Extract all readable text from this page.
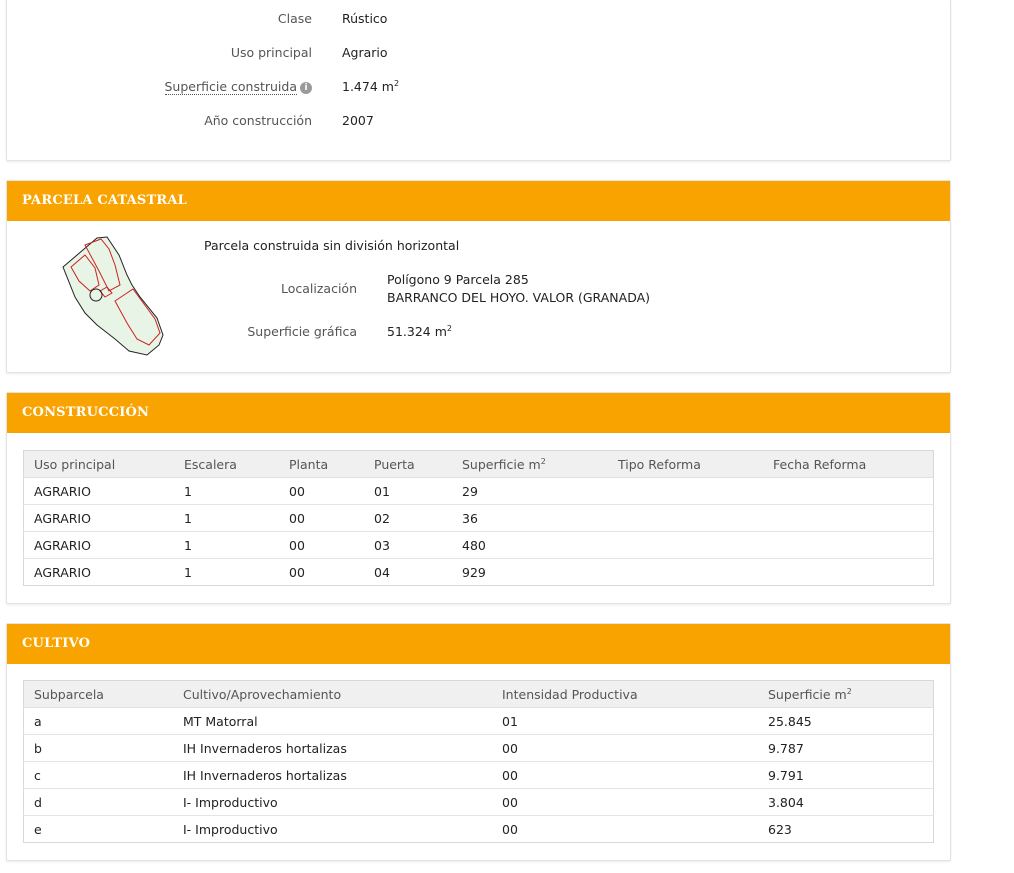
Clase Rústico
Uso principal Agrario
Superficie construida i	1.474 $m^2$
Año construcción 2007
PARCELA CATASTRAL
Parcela construida sin división horizontal
Localización
Polígono 9 Parcela 285
BARRANCO DEL HOYO. VALOR (GRANADA)
Superficie gráfica 51.324 $m^2$
CONSTRUCCIÓN
Uso principal	Escalera	Planta	Puerta	Superficie $m^2$	Tipo Reforma	Fecha Reforma
AGRARIO	1	00	01	29		
AGRARIO	1	00	02	36		
AGRARIO	1	00	03	480		
AGRARIO	1	00	04	929		
CULTIVO
Subparcela	Cultivo/Aprovechamiento	Intensidad Productiva	Superficie $m^2$
a	MT Matorral	01	25.845
b	IH Invernaderos hortalizas	00	9.787
c	IH Invernaderos hortalizas	00	9.791
d	I- Improductivo	00	3.804
e	I- Improductivo	00	623
